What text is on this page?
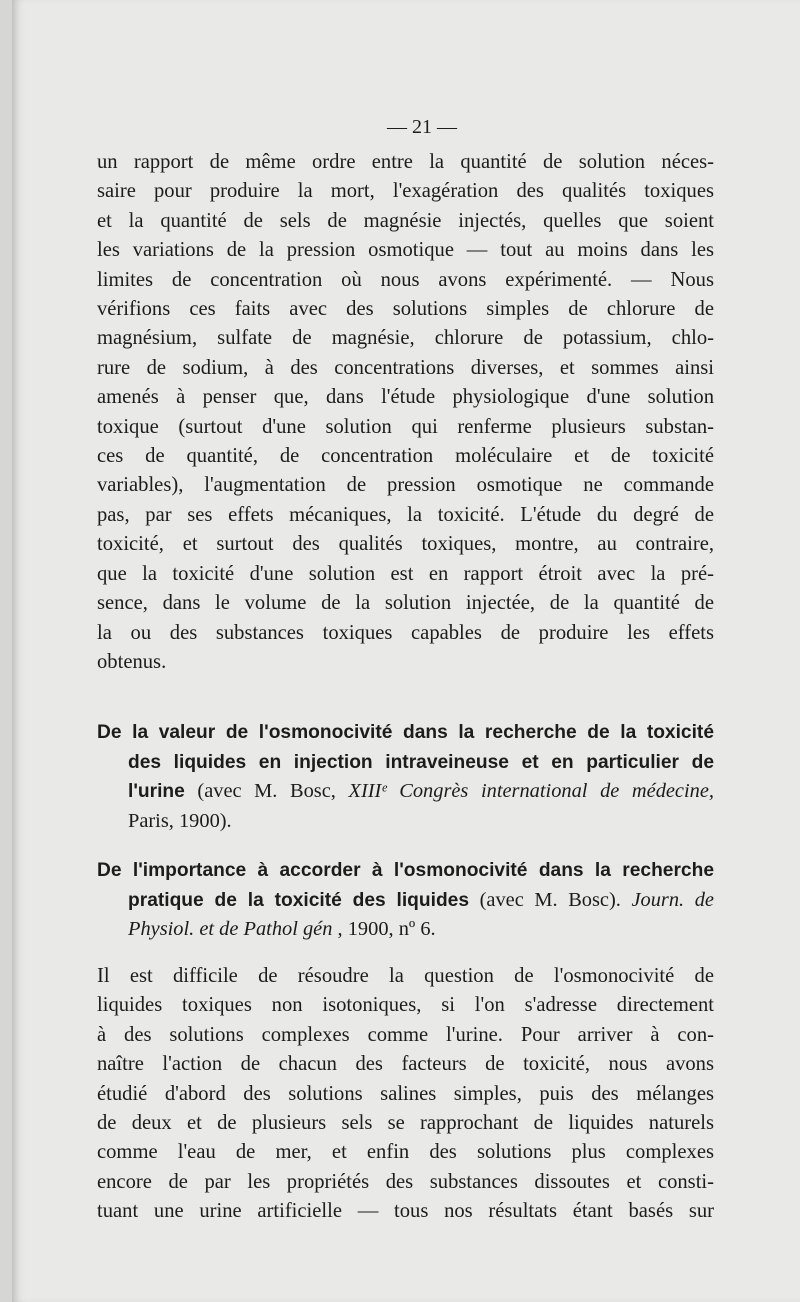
— 21 —
un rapport de même ordre entre la quantité de solution néces-
saire pour produire la mort, l'exagération des qualités toxiques
et la quantité de sels de magnésie injectés, quelles que soient
les variations de la pression osmotique — tout au moins dans les
limites de concentration où nous avons expérimenté. — Nous
vérifions ces faits avec des solutions simples de chlorure de
magnésium, sulfate de magnésie, chlorure de potassium, chlo-
rure de sodium, à des concentrations diverses, et sommes ainsi
amenés à penser que, dans l'étude physiologique d'une solution
toxique (surtout d'une solution qui renferme plusieurs substan-
ces de quantité, de concentration moléculaire et de toxicité
variables), l'augmentation de pression osmotique ne commande
pas, par ses effets mécaniques, la toxicité. L'étude du degré de
toxicité, et surtout des qualités toxiques, montre, au contraire,
que la toxicité d'une solution est en rapport étroit avec la pré-
sence, dans le volume de la solution injectée, de la quantité de
la ou des substances toxiques capables de produire les effets
obtenus.
De la valeur de l'osmonocivité dans la recherche de la toxicité
des liquides en injection intraveineuse et en particulier de
l'urine (avec M. Bosc, XIIIᵉ Congrès international de médecine,
Paris, 1900).
De l'importance à accorder à l'osmonocivité dans la recherche
pratique de la toxicité des liquides (avec M. Bosc). Journ. de
Physiol. et de Pathol gén , 1900, nº 6.
Il est difficile de résoudre la question de l'osmonocivité de
liquides toxiques non isotoniques, si l'on s'adresse directement
à des solutions complexes comme l'urine. Pour arriver à con-
naître l'action de chacun des facteurs de toxicité, nous avons
étudié d'abord des solutions salines simples, puis des mélanges
de deux et de plusieurs sels se rapprochant de liquides naturels
comme l'eau de mer, et enfin des solutions plus complexes
encore de par les propriétés des substances dissoutes et consti-
tuant une urine artificielle — tous nos résultats étant basés sur
